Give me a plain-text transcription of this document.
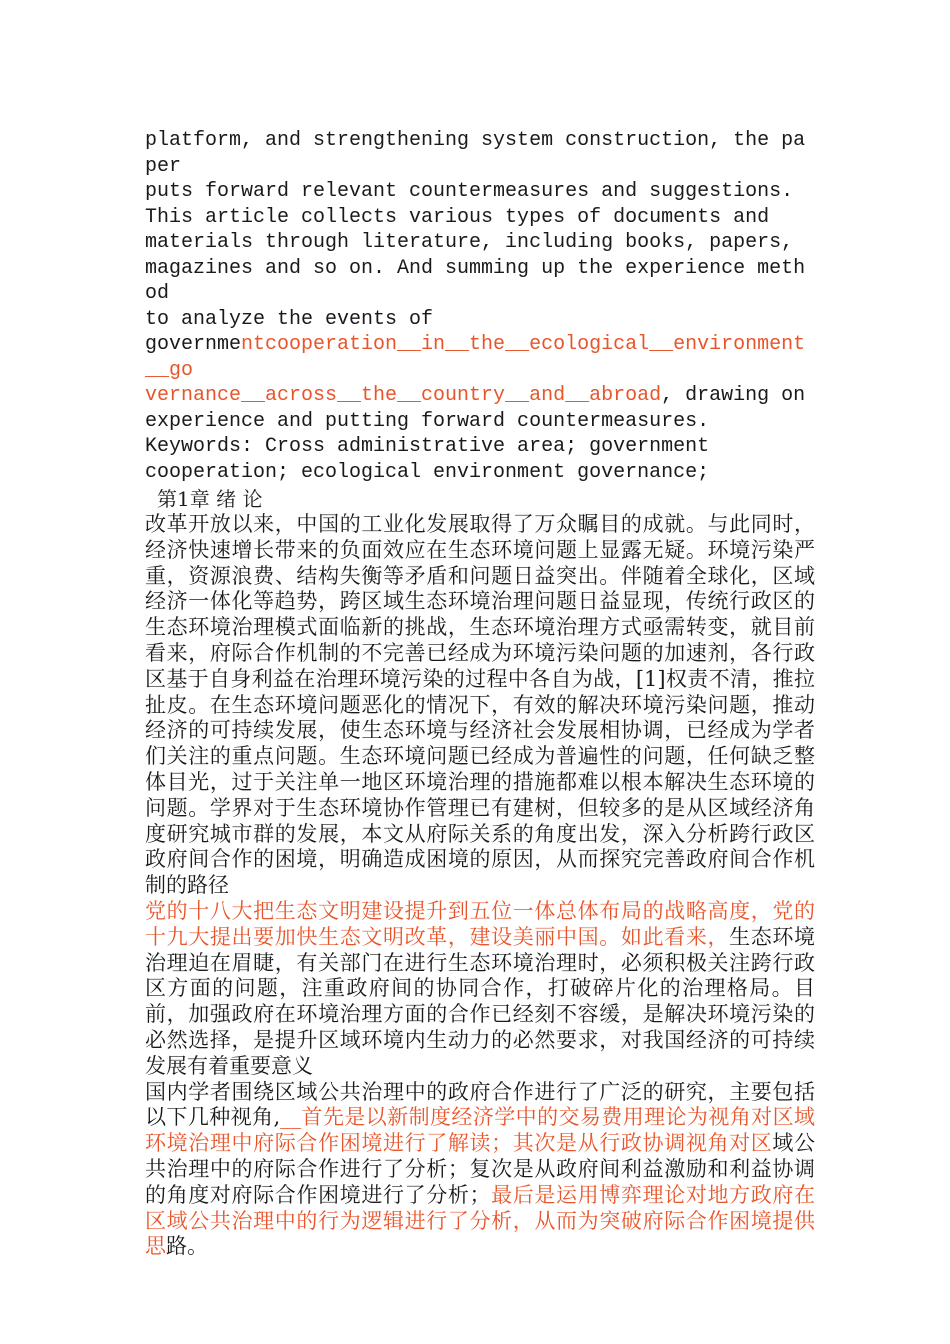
platform, and strengthening system construction, the paper
puts forward relevant countermeasures and suggestions.
This article collects various types of documents and
materials through literature, including books, papers,
magazines and so on. And summing up the experience method
to analyze the events of
governmentcooperation__in__the__ecological__environment__go
vernance__across__the__country__and__abroad, drawing on
experience and putting forward countermeasures.
Keywords: Cross administrative area; government
cooperation; ecological environment governance;
第1章 绪 论

改革开放以来，中国的工业化发展取得了万众瞩目的成就。与此同时，经济快速增长带来的负面效应在生态环境问题上显露无疑。环境污染严重，资源浪费、结构失衡等矛盾和问题日益突出。伴随着全球化，区域经济一体化等趋势，跨区域生态环境治理问题日益显现，传统行政区的生态环境治理模式面临新的挑战，生态环境治理方式亟需转变，就目前看来，府际合作机制的不完善已经成为环境污染问题的加速剂，各行政区基于自身利益在治理环境污染的过程中各自为战，[1]权责不清，推拉扯皮。在生态环境问题恶化的情况下，有效的解决环境污染问题，推动经济的可持续发展，使生态环境与经济社会发展相协调，已经成为学者们关注的重点问题。生态环境问题已经成为普遍性的问题，任何缺乏整体目光，过于关注单一地区环境治理的措施都难以根本解决生态环境的问题。学界对于生态环境协作管理已有建树，但较多的是从区域经济角度研究城市群的发展，本文从府际关系的角度出发，深入分析跨行政区政府间合作的困境，明确造成困境的原因，从而探究完善政府间合作机制的路径

党的十八大把生态文明建设提升到五位一体总体布局的战略高度，党的十九大提出要加快生态文明改革，建设美丽中国。如此看来，生态环境治理迫在眉睫，有关部门在进行生态环境治理时，必须积极关注跨行政区方面的问题，注重政府间的协同合作，打破碎片化的治理格局。目前，加强政府在环境治理方面的合作已经刻不容缓，是解决环境污染的必然选择，是提升区域环境内生动力的必然要求，对我国经济的可持续发展有着重要意义

国内学者围绕区域公共治理中的政府合作进行了广泛的研究，主要包括以下几种视角,__首先是以新制度经济学中的交易费用理论为视角对区域环境治理中府际合作困境进行了解读；其次是从行政协调视角对区域公共治理中的府际合作进行了分析；复次是从政府间利益激励和利益协调的角度对府际合作困境进行了分析；最后是运用博弈理论对地方政府在区域公共治理中的行为逻辑进行了分析，从而为突破府际合作困境提供思路。
